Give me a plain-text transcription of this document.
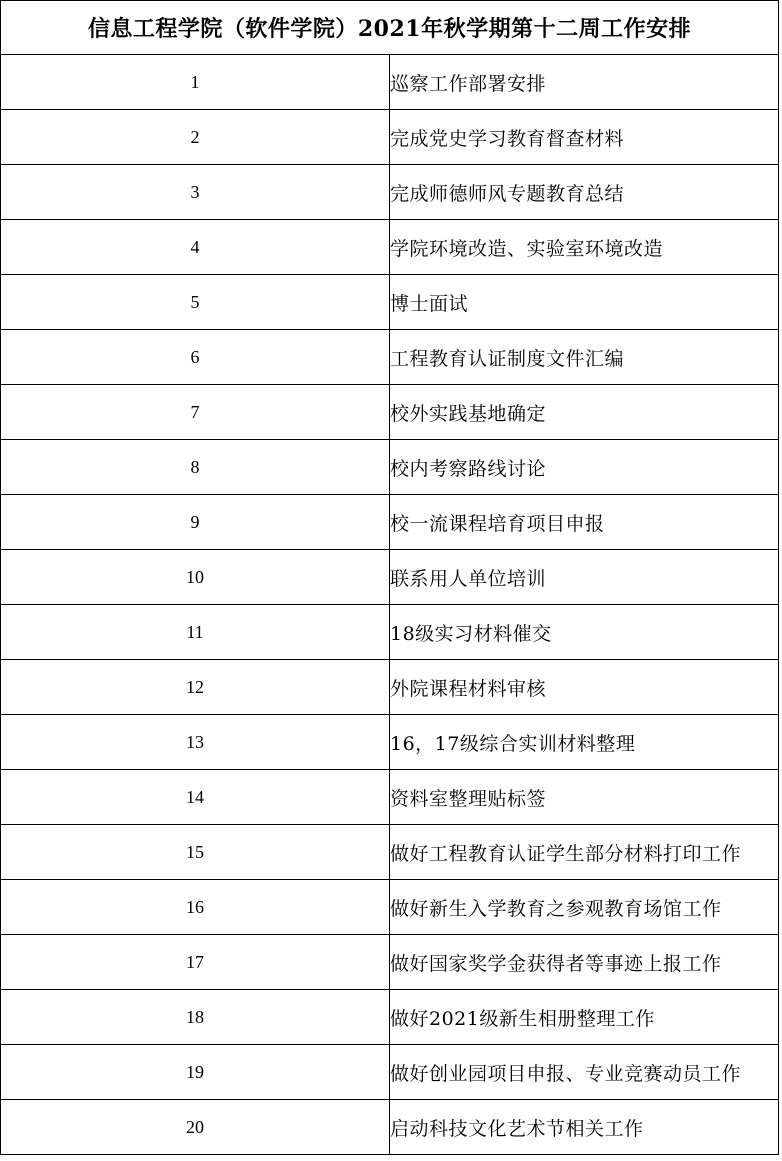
信息工程学院（软件学院）2021年秋学期第十二周工作安排	
1	巡察工作部署安排
2	完成党史学习教育督查材料
3	完成师德师风专题教育总结
4	学院环境改造、实验室环境改造
5	博士面试
6	工程教育认证制度文件汇编
7	校外实践基地确定
8	校内考察路线讨论
9	校一流课程培育项目申报
10	联系用人单位培训
11	18级实习材料催交
12	外院课程材料审核
13	16，17级综合实训材料整理
14	资料室整理贴标签
15	做好工程教育认证学生部分材料打印工作
16	做好新生入学教育之参观教育场馆工作
17	做好国家奖学金获得者等事迹上报工作
18	做好2021级新生相册整理工作
19	做好创业园项目申报、专业竞赛动员工作
20	启动科技文化艺术节相关工作
